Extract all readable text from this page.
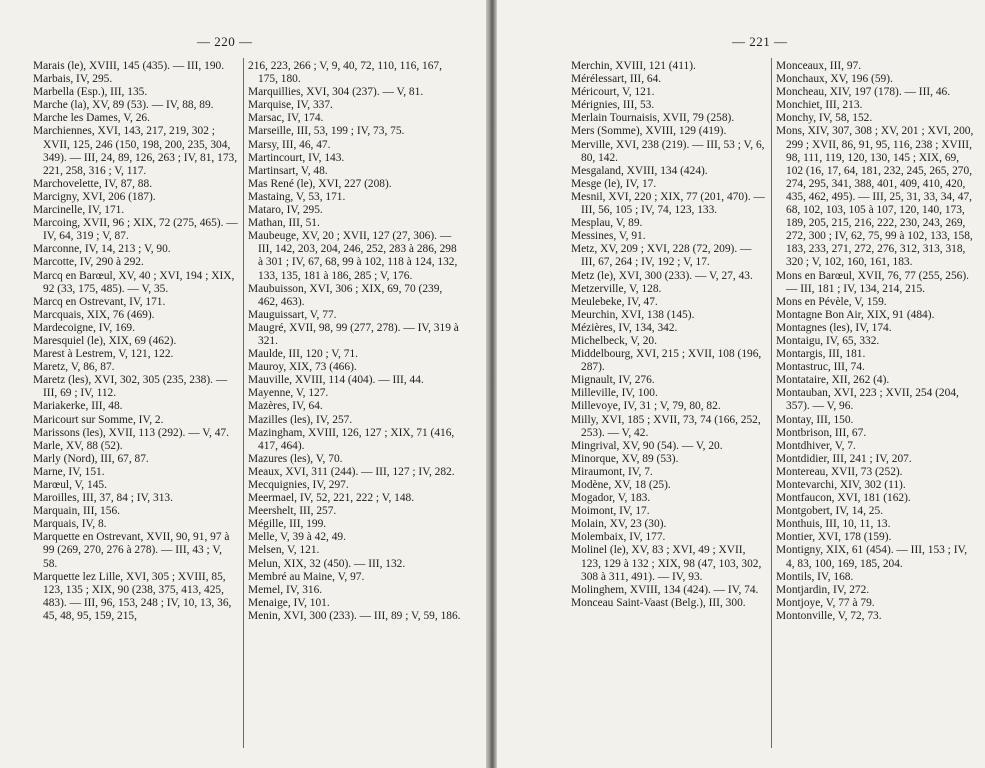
— 220 —

Marais (le), XVIII, 145 (435). — III, 190.

Marbais, IV, 295.

Marbella (Esp.), III, 135.

Marche (la), XV, 89 (53). — IV, 88, 89.

Marche les Dames, V, 26.

Marchiennes, XVI, 143, 217, 219, 302 ; XVII, 125, 246 (150, 198, 200, 235, 304, 349). — III, 24, 89, 126, 263 ; IV, 81, 173, 221, 258, 316 ; V, 117.

Marchovelette, IV, 87, 88.

Marcigny, XVI, 206 (187).

Marcinelle, IV, 171.

Marcoing, XVII, 96 ; XIX, 72 (275, 465). — IV, 64, 319 ; V, 87.

Marconne, IV, 14, 213 ; V, 90.

Marcotte, IV, 290 à 292.

Marcq en Barœul, XV, 40 ; XVI, 194 ; XIX, 92 (33, 175, 485). — V, 35.

Marcq en Ostrevant, IV, 171.

Marcquais, XIX, 76 (469).

Mardecoigne, IV, 169.

Maresquiel (le), XIX, 69 (462).

Marest à Lestrem, V, 121, 122.

Maretz, V, 86, 87.

Maretz (les), XVI, 302, 305 (235, 238). — III, 69 ; IV, 112.

Mariakerke, III, 48.

Maricourt sur Somme, IV, 2.

Marissons (les), XVII, 113 (292). — V, 47.

Marle, XV, 88 (52).

Marly (Nord), III, 67, 87.

Marne, IV, 151.

Marœul, V, 145.

Maroilles, III, 37, 84 ; IV, 313.

Marquain, III, 156.

Marquais, IV, 8.

Marquette en Ostrevant, XVII, 90, 91, 97 à 99 (269, 270, 276 à 278). — III, 43 ; V, 58.

Marquette lez Lille, XVI, 305 ; XVIII, 85, 123, 135 ; XIX, 90 (238, 375, 413, 425, 483). — III, 96, 153, 248 ; IV, 10, 13, 36, 45, 48, 95, 159, 215,

216, 223, 266 ; V, 9, 40, 72, 110, 116, 167, 175, 180.

Marquillies, XVI, 304 (237). — V, 81.

Marquise, IV, 337.

Marsac, IV, 174.

Marseille, III, 53, 199 ; IV, 73, 75.

Marsy, III, 46, 47.

Martincourt, IV, 143.

Martinsart, V, 48.

Mas René (le), XVI, 227 (208).

Mastaing, V, 53, 171.

Mataro, IV, 295.

Mathan, III, 51.

Maubeuge, XV, 20 ; XVII, 127 (27, 306). — III, 142, 203, 204, 246, 252, 283 à 286, 298 à 301 ; IV, 67, 68, 99 à 102, 118 à 124, 132, 133, 135, 181 à 186, 285 ; V, 176.

Maubuisson, XVI, 306 ; XIX, 69, 70 (239, 462, 463).

Mauguissart, V, 77.

Maugré, XVII, 98, 99 (277, 278). — IV, 319 à 321.

Maulde, III, 120 ; V, 71.

Mauroy, XIX, 73 (466).

Mauville, XVIII, 114 (404). — III, 44.

Mayenne, V, 127.

Mazères, IV, 64.

Mazilles (les), IV, 257.

Mazingham, XVIII, 126, 127 ; XIX, 71 (416, 417, 464).

Mazures (les), V, 70.

Meaux, XVI, 311 (244). — III, 127 ; IV, 282.

Mecquignies, IV, 297.

Meermael, IV, 52, 221, 222 ; V, 148.

Meershelt, III, 257.

Mégille, III, 199.

Melle, V, 39 à 42, 49.

Melsen, V, 121.

Melun, XIX, 32 (450). — III, 132.

Membré au Maine, V, 97.

Memel, IV, 316.

Menaige, IV, 101.

Menin, XVI, 300 (233). — III, 89 ; V, 59, 186.

— 221 —

Merchin, XVIII, 121 (411).

Mérélessart, III, 64.

Méricourt, V, 121.

Mérignies, III, 53.

Merlain Tournaisis, XVII, 79 (258).

Mers (Somme), XVIII, 129 (419).

Merville, XVI, 238 (219). — III, 53 ; V, 6, 80, 142.

Mesgaland, XVIII, 134 (424).

Mesge (le), IV, 17.

Mesnil, XVI, 220 ; XIX, 77 (201, 470). — III, 56, 105 ; IV, 74, 123, 133.

Mesplau, V, 89.

Messines, V, 91.

Metz, XV, 209 ; XVI, 228 (72, 209). — III, 67, 264 ; IV, 192 ; V, 17.

Metz (le), XVI, 300 (233). — V, 27, 43.

Metzerville, V, 128.

Meulebeke, IV, 47.

Meurchin, XVI, 138 (145).

Mézières, IV, 134, 342.

Michelbeck, V, 20.

Middelbourg, XVI, 215 ; XVII, 108 (196, 287).

Mignault, IV, 276.

Milleville, IV, 100.

Millevoye, IV, 31 ; V, 79, 80, 82.

Milly, XVI, 185 ; XVII, 73, 74 (166, 252, 253). — V, 42.

Mingrival, XV, 90 (54). — V, 20.

Minorque, XV, 89 (53).

Miraumont, IV, 7.

Modène, XV, 18 (25).

Mogador, V, 183.

Moimont, IV, 17.

Molain, XV, 23 (30).

Molembaix, IV, 177.

Molinel (le), XV, 83 ; XVI, 49 ; XVII, 123, 129 à 132 ; XIX, 98 (47, 103, 302, 308 à 311, 491). — IV, 93.

Molinghem, XVIII, 134 (424). — IV, 74.

Monceau Saint-Vaast (Belg.), III, 300.

Monceaux, III, 97.

Monchaux, XV, 196 (59).

Moncheau, XIV, 197 (178). — III, 46.

Monchiet, III, 213.

Monchy, IV, 58, 152.

Mons, XIV, 307, 308 ; XV, 201 ; XVI, 200, 299 ; XVII, 86, 91, 95, 116, 238 ; XVIII, 98, 111, 119, 120, 130, 145 ; XIX, 69, 102 (16, 17, 64, 181, 232, 245, 265, 270, 274, 295, 341, 388, 401, 409, 410, 420, 435, 462, 495). — III, 25, 31, 33, 34, 47, 68, 102, 103, 105 à 107, 120, 140, 173, 189, 205, 215, 216, 222, 230, 243, 269, 272, 300 ; IV, 62, 75, 99 à 102, 133, 158, 183, 233, 271, 272, 276, 312, 313, 318, 320 ; V, 102, 160, 161, 183.

Mons en Barœul, XVII, 76, 77 (255, 256). — III, 181 ; IV, 134, 214, 215.

Mons en Pévèle, V, 159.

Montagne Bon Air, XIX, 91 (484).

Montagnes (les), IV, 174.

Montaigu, IV, 65, 332.

Montargis, III, 181.

Montastruc, III, 74.

Montataire, XII, 262 (4).

Montauban, XVI, 223 ; XVII, 254 (204, 357). — V, 96.

Montay, III, 150.

Montbrison, III, 67.

Montdhiver, V, 7.

Montdidier, III, 241 ; IV, 207.

Montereau, XVII, 73 (252).

Montevarchi, XIV, 302 (11).

Montfaucon, XVI, 181 (162).

Montgobert, IV, 14, 25.

Monthuis, III, 10, 11, 13.

Montier, XVI, 178 (159).

Montigny, XIX, 61 (454). — III, 153 ; IV, 4, 83, 100, 169, 185, 204.

Montils, IV, 168.

Montjardin, IV, 272.

Montjoye, V, 77 à 79.

Montonville, V, 72, 73.
